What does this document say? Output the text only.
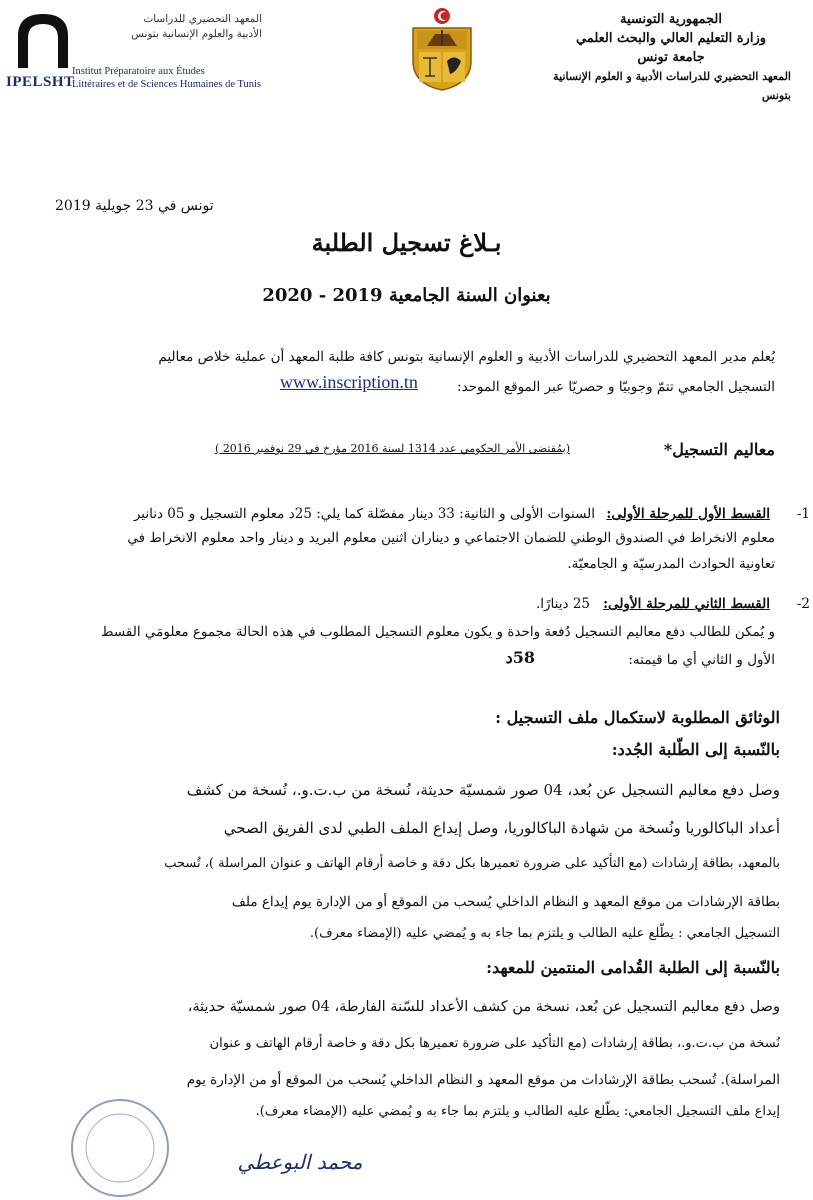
الجمهورية التونسية
وزارة التعليم العالي والبحث العلمي
جامعة تونس
المعهد التحضيري للدراسات الأدبية و العلوم الإنسانية بتونس
المعهد التحضيري للدراسات
الأدبية والعلوم الإنسانية بتونس
Institut Préparatoire aux Études
Littéraires et de Sciences Humaines de Tunis
IPELSHT
تونس في 23 جويلية 2019
بـلاغ تسجيل الطلبة
بعنوان السنة الجامعية 2019 - 2020
يُعلم مدير المعهد التحضيري للدراسات الأدبية و العلوم الإنسانية بتونس كافة طلبة المعهد أن عملية خلاص معاليم
التسجيل الجامعي تتمّ وجوبيّا و حصريّا عبر الموقع الموحد:
www.inscription.tn
معاليم التسجيل*
(بمُقتضى الأمر الحكومي عدد 1314 لسنة 2016 مؤرخ في 29 نوفمبر 2016 )
1-
القسط الأول للمرحلة الأولى:
السنوات الأولى و الثانية: 33 دينار مفصّلة كما يلي: 25د معلوم التسجيل و 05 دنانير
معلوم الانخراط في الصندوق الوطني للضمان الاجتماعي و ديناران اثنين معلوم البريد و دينار واحد معلوم الانخراط في
تعاونية الحوادث المدرسيّة و الجامعيّة.
2-
القسط الثاني للمرحلة الأولى:
25 دينارًا.
و يُمكن للطالب دفع معاليم التسجيل دُفعة واحدة و يكون معلوم التسجيل المطلوب في هذه الحالة مجموع معلومَي القسط
الأول و الثاني أي ما قيمته:
58د
الوثائق المطلوبة لاستكمال ملف التسجيل :
بالنّسبة إلى الطّلبة الجُدد:
وصل دفع معاليم التسجيل عن بُعد، 04 صور شمسيّة حديثة، نُسخة من ب.ت.و.، نُسخة من كشف
أعداد الباكالوريا ونُسخة من شهادة الباكالوريا، وصل إيداع الملف الطبي لدى الفريق الصحي
بالمعهد، بطاقة إرشادات (مع التأكيد على ضرورة تعميرها بكل دقة و خاصة أرقام الهاتف و عنوان المراسلة )، تُسحب
بطاقة الإرشادات من موقع المعهد و النظام الداخلي يُسحب من الموقع أو من الإدارة يوم إيداع ملف
التسجيل الجامعي : يطّلع عليه الطالب و يلتزم بما جاء به و يُمضي عليه (الإمضاء معرف).
بالنّسبة إلى الطلبة القُدامى المنتمين للمعهد:
وصل دفع معاليم التسجيل عن بُعد، نسخة من كشف الأعداد للسّنة الفارطة، 04 صور شمسيّة حديثة،
نُسخة من ب.ت.و.، بطاقة إرشادات (مع التأكيد على ضرورة تعميرها بكل دقة و خاصة أرقام الهاتف و عنوان
المراسلة). تُسحب بطاقة الإرشادات من موقع المعهد و النظام الداخلي يُسحب من الموقع أو من الإدارة يوم
إيداع ملف التسجيل الجامعي: يطّلع عليه الطالب و يلتزم بما جاء به و يُمضي عليه (الإمضاء معرف).
محمد البوعطي
